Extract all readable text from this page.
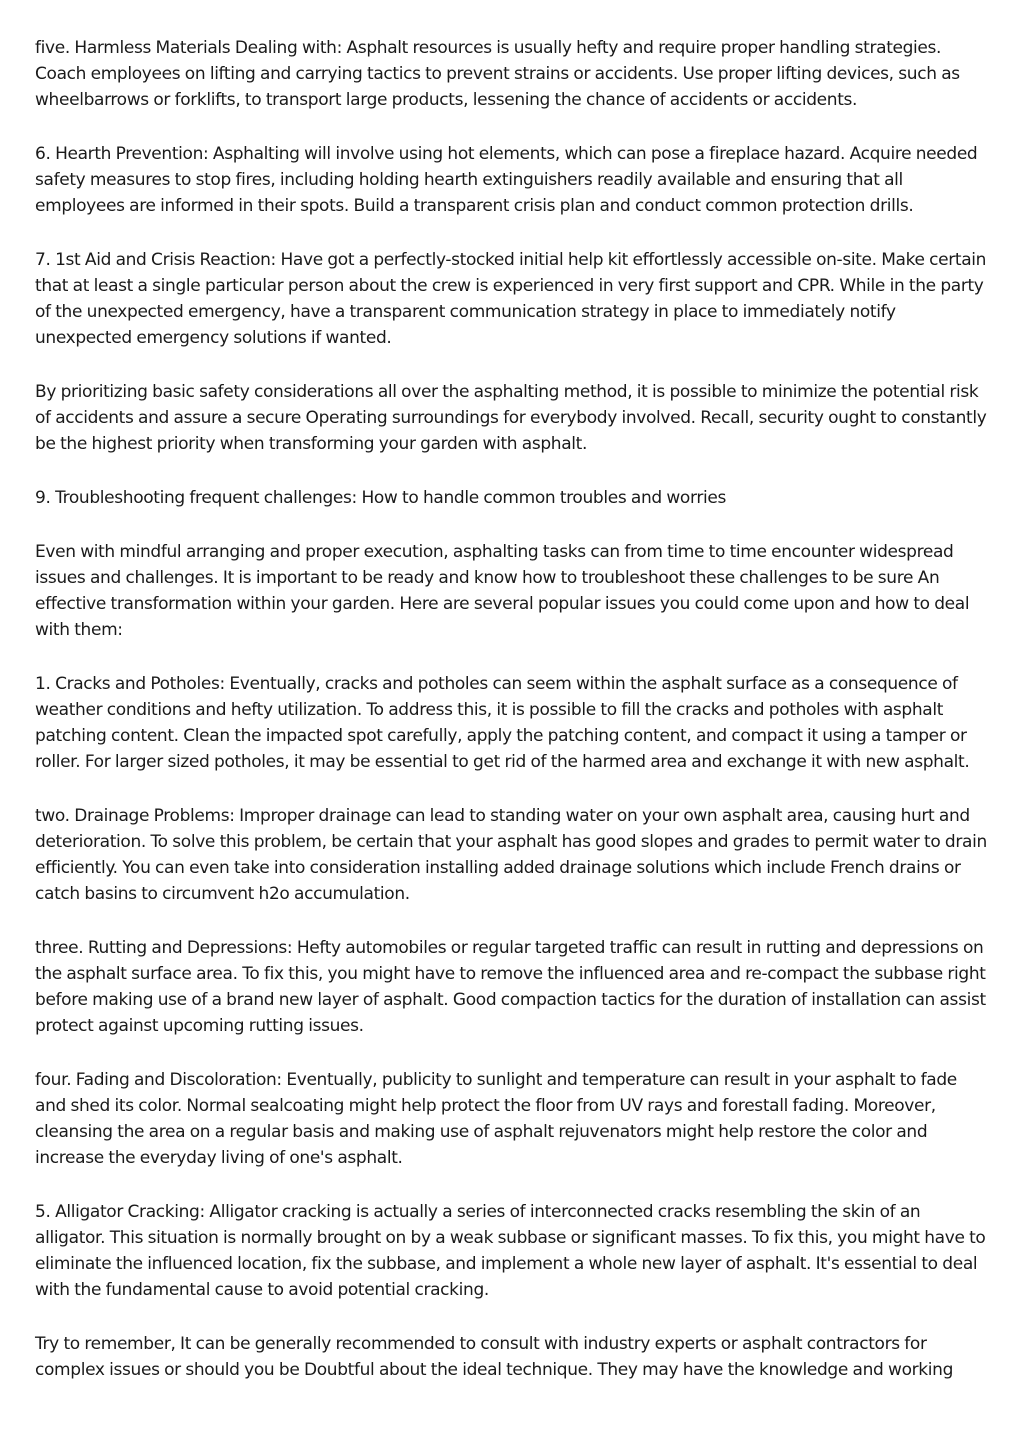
five. Harmless Materials Dealing with: Asphalt resources is usually hefty and require proper handling strategies. Coach employees on lifting and carrying tactics to prevent strains or accidents. Use proper lifting devices, such as wheelbarrows or forklifts, to transport large products, lessening the chance of accidents or accidents.

6. Hearth Prevention: Asphalting will involve using hot elements, which can pose a fireplace hazard. Acquire needed safety measures to stop fires, including holding hearth extinguishers readily available and ensuring that all employees are informed in their spots. Build a transparent crisis plan and conduct common protection drills.

7. 1st Aid and Crisis Reaction: Have got a perfectly-stocked initial help kit effortlessly accessible on-site. Make certain that at least a single particular person about the crew is experienced in very first support and CPR. While in the party of the unexpected emergency, have a transparent communication strategy in place to immediately notify unexpected emergency solutions if wanted.

By prioritizing basic safety considerations all over the asphalting method, it is possible to minimize the potential risk of accidents and assure a secure Operating surroundings for everybody involved. Recall, security ought to constantly be the highest priority when transforming your garden with asphalt.

9. Troubleshooting frequent challenges: How to handle common troubles and worries

Even with mindful arranging and proper execution, asphalting tasks can from time to time encounter widespread issues and challenges. It is important to be ready and know how to troubleshoot these challenges to be sure An effective transformation within your garden. Here are several popular issues you could come upon and how to deal with them:

1. Cracks and Potholes: Eventually, cracks and potholes can seem within the asphalt surface as a consequence of weather conditions and hefty utilization. To address this, it is possible to fill the cracks and potholes with asphalt patching content. Clean the impacted spot carefully, apply the patching content, and compact it using a tamper or roller. For larger sized potholes, it may be essential to get rid of the harmed area and exchange it with new asphalt.

two. Drainage Problems: Improper drainage can lead to standing water on your own asphalt area, causing hurt and deterioration. To solve this problem, be certain that your asphalt has good slopes and grades to permit water to drain efficiently. You can even take into consideration installing added drainage solutions which include French drains or catch basins to circumvent h2o accumulation.

three. Rutting and Depressions: Hefty automobiles or regular targeted traffic can result in rutting and depressions on the asphalt surface area. To fix this, you might have to remove the influenced area and re-compact the subbase right before making use of a brand new layer of asphalt. Good compaction tactics for the duration of installation can assist protect against upcoming rutting issues.

four. Fading and Discoloration: Eventually, publicity to sunlight and temperature can result in your asphalt to fade and shed its color. Normal sealcoating might help protect the floor from UV rays and forestall fading. Moreover, cleansing the area on a regular basis and making use of asphalt rejuvenators might help restore the color and increase the everyday living of one's asphalt.

5. Alligator Cracking: Alligator cracking is actually a series of interconnected cracks resembling the skin of an alligator. This situation is normally brought on by a weak subbase or significant masses. To fix this, you might have to eliminate the influenced location, fix the subbase, and implement a whole new layer of asphalt. It's essential to deal with the fundamental cause to avoid potential cracking.

Try to remember, It can be generally recommended to consult with industry experts or asphalt contractors for complex issues or should you be Doubtful about the ideal technique. They may have the knowledge and working
